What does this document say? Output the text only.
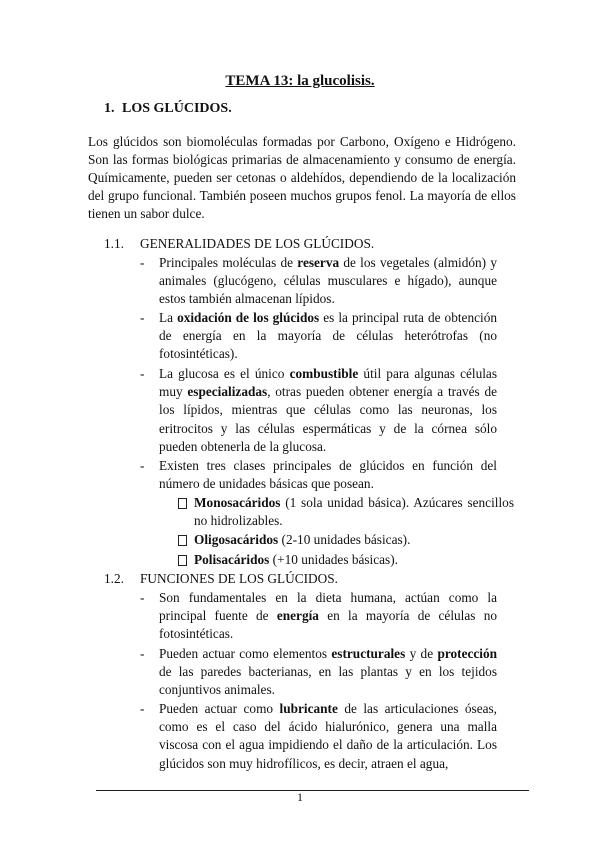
TEMA 13: la glucolisis.
1. LOS GLÚCIDOS.

Los glúcidos son biomoléculas formadas por Carbono, Oxígeno e Hidrógeno. Son las formas biológicas primarias de almacenamiento y consumo de energía. Químicamente, pueden ser cetonas o aldehídos, dependiendo de la localización del grupo funcional. También poseen muchos grupos fenol. La mayoría de ellos tienen un sabor dulce.

1.1. GENERALIDADES DE LOS GLÚCIDOS.
- Principales moléculas de reserva de los vegetales (almidón) y animales (glucógeno, células musculares e hígado), aunque estos también almacenan lípidos.

- La oxidación de los glúcidos es la principal ruta de obtención de energía en la mayoría de células heterótrofas (no fotosintéticas).

- La glucosa es el único combustible útil para algunas células muy especializadas, otras pueden obtener energía a través de los lípidos, mientras que células como las neuronas, los eritrocitos y las células espermáticas y de la córnea sólo pueden obtenerla de la glucosa.

- Existen tres clases principales de glúcidos en función del número de unidades básicas que posean.

Monosacáridos (1 sola unidad básica). Azúcares sencillos no hidrolizables.

Oligosacáridos (2-10 unidades básicas).

Polisacáridos (+10 unidades básicas).

1.2. FUNCIONES DE LOS GLÚCIDOS.
- Son fundamentales en la dieta humana, actúan como la principal fuente de energía en la mayoría de células no fotosintéticas.

- Pueden actuar como elementos estructurales y de protección de las paredes bacterianas, en las plantas y en los tejidos conjuntivos animales.

- Pueden actuar como lubricante de las articulaciones óseas, como es el caso del ácido hialurónico, genera una malla viscosa con el agua impidiendo el daño de la articulación. Los glúcidos son muy hidrofílicos, es decir, atraen el agua,

1
